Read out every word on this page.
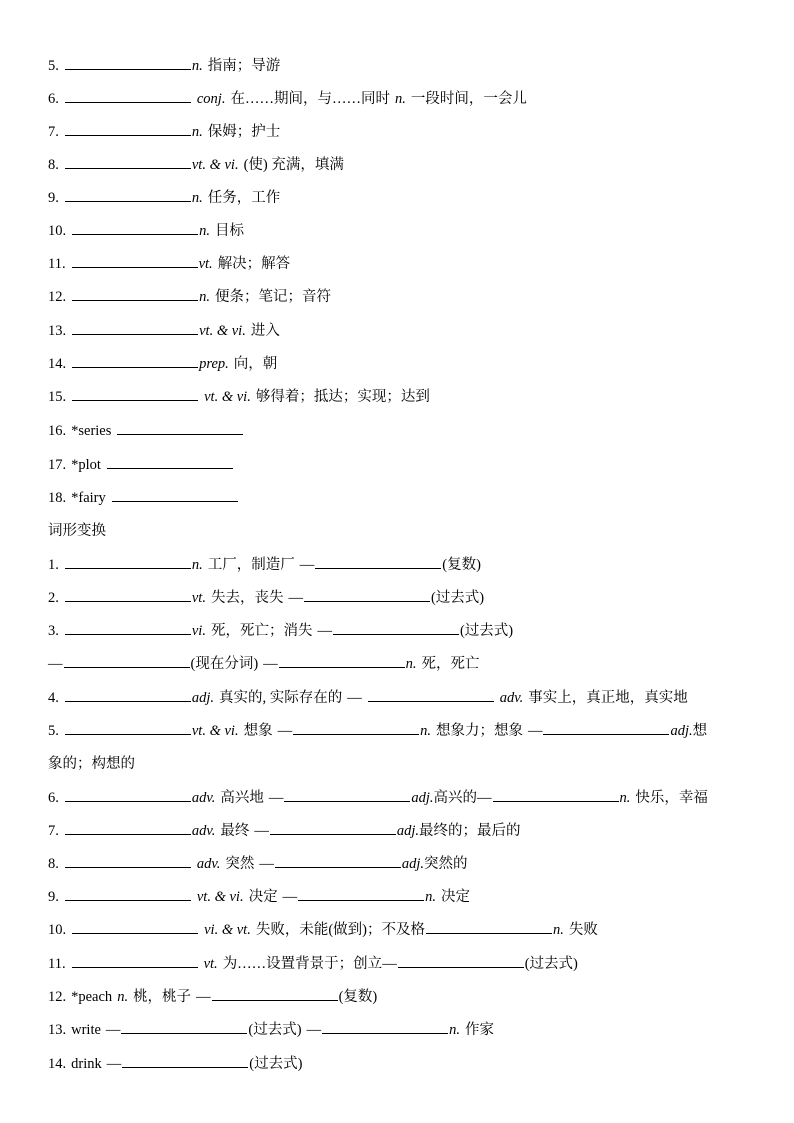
5.	n. 指南；导游
6.	conj. 在……期间，与……同时 n. 一段时间，一会儿
7.	n. 保姆；护士
8.	vt. & vi. (使) 充满，填满
9.	n. 任务，工作
10.	n. 目标
11.	vt. 解决；解答
12.	n. 便条；笔记；音符
13.	vt. & vi. 进入
14.	prep. 向，朝
15.	vt. & vi. 够得着；抵达；实现；达到
16. *series
17. *plot
18. *fairy
词形变换
1.	n. 工厂，制造厂 —	(复数)
2.	vt. 失去，丧失 —	(过去式)
3.	vi. 死，死亡；消失 —	(过去式)
—	(现在分词) —	n. 死，死亡
4.	adj. 真实的, 实际存在的 —	adv. 事实上，真正地，真实地
5.	vt. & vi. 想象 —	n. 想象力；想象 —	adj.想
象的；构想的
6.	adv. 高兴地 —	adj.高兴的—	n. 快乐，幸福
7.	adv. 最终 —	adj.最终的；最后的
8.	adv. 突然 —	adj.突然的
9.	vt. & vi. 决定 —	n. 决定
10.	vi. & vt. 失败，未能(做到)；不及格	n. 失败
11.	vt. 为……设置背景于；创立—	(过去式)
12. *peach n. 桃，桃子 —	(复数)
13. write —	(过去式) —	n. 作家
14. drink —	(过去式)
